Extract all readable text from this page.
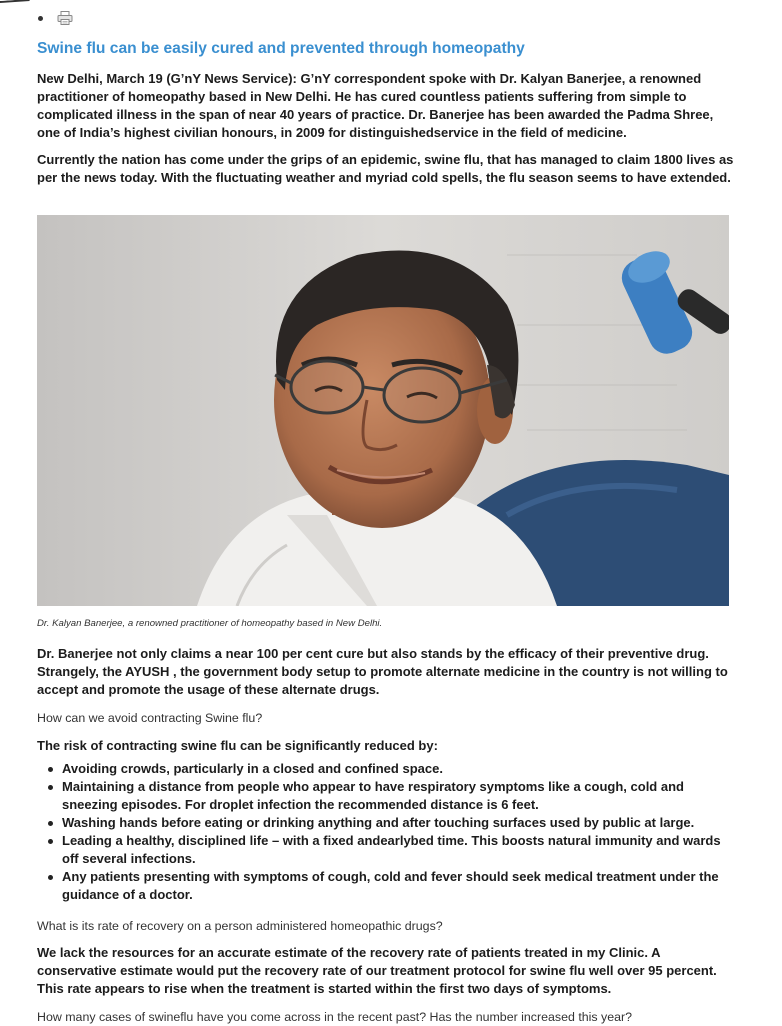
Swine flu can be easily cured and prevented through homeopathy

New Delhi, March 19 (G’nY News Service): G’nY correspondent spoke with Dr. Kalyan Banerjee, a renowned practitioner of homeopathy based in New Delhi. He has cured countless patients suffering from simple to complicated illness in the span of near 40 years of practice. Dr. Banerjee has been awarded the Padma Shree, one of India’s highest civilian honours, in 2009 for distinguishedservice in the field of medicine.

Currently the nation has come under the grips of an epidemic, swine flu, that has managed to claim 1800 lives as per the news today. With the fluctuating weather and myriad cold spells, the flu season seems to have extended.

Dr. Kalyan Banerjee, a renowned practitioner of homeopathy based in New Delhi.

Dr. Banerjee not only claims a near 100 per cent cure but also stands by the efficacy of their preventive drug. Strangely, the AYUSH , the government body setup to promote alternate medicine in the country is not willing to accept and promote the usage of these alternate drugs.

How can we avoid contracting Swine flu?

The risk of contracting swine flu can be significantly reduced by:

Avoiding crowds, particularly in a closed and confined space.
Maintaining a distance from people who appear to have respiratory symptoms like a cough, cold and sneezing episodes. For droplet infection the recommended distance is 6 feet.
Washing hands before eating or drinking anything and after touching surfaces used by public at large.
Leading a healthy, disciplined life – with a fixed andearlybed time. This boosts natural immunity and wards off several infections.
Any patients presenting with symptoms of cough, cold and fever should seek medical treatment under the guidance of a doctor.

What is its rate of recovery on a person administered homeopathic drugs?

We lack the resources for an accurate estimate of the recovery rate of patients treated in my Clinic. A conservative estimate would put the recovery rate of our treatment protocol for swine flu well over 95 percent. This rate appears to rise when the treatment is started within the first two days of symptoms.

How many cases of swineflu have you come across in the recent past? Has the number increased this year?
